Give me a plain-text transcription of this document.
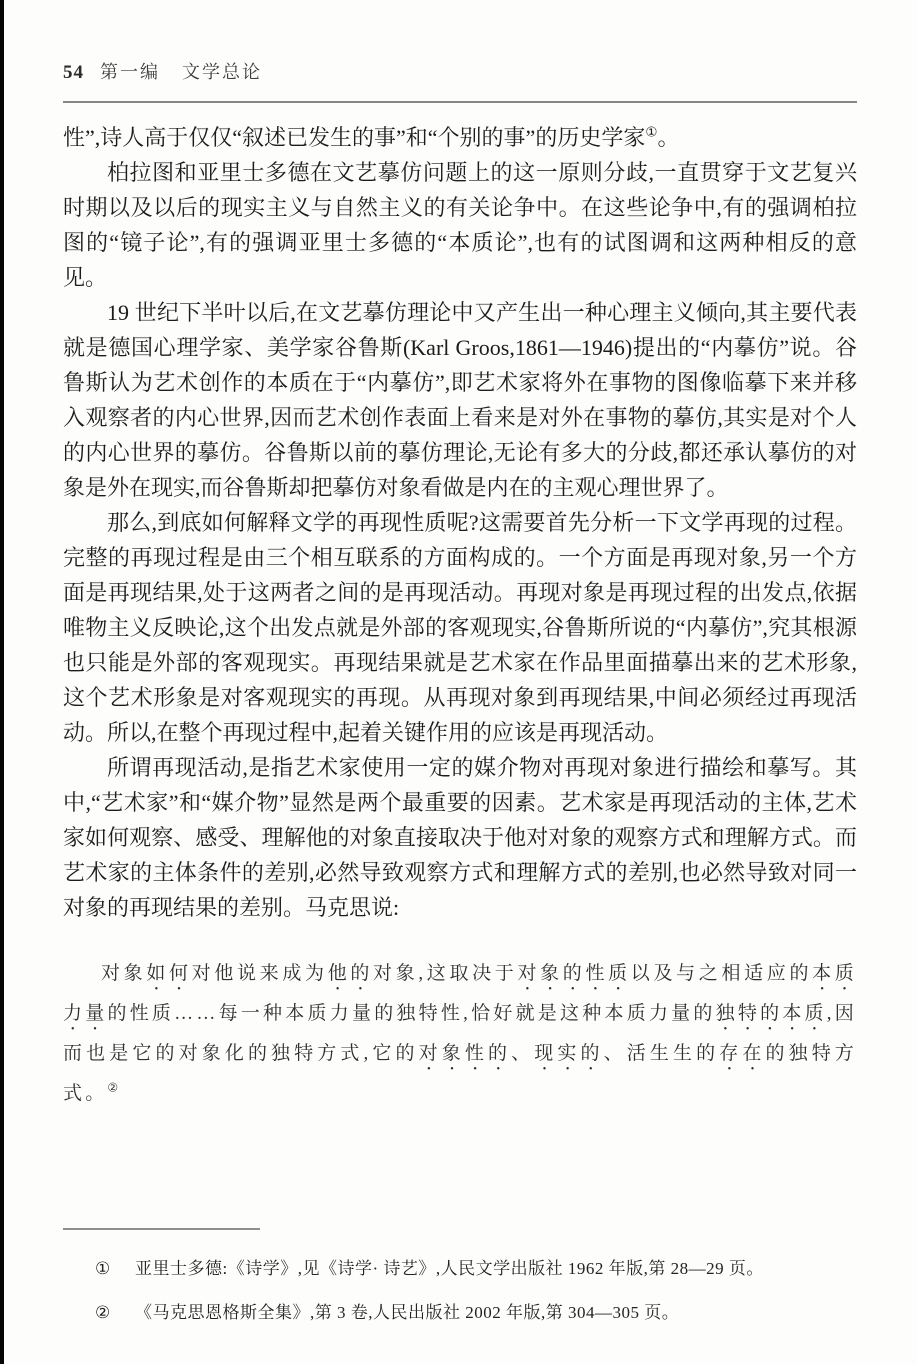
54 第一编 文学总论

性”,诗人高于仅仅“叙述已发生的事”和“个别的事”的历史学家①。

柏拉图和亚里士多德在文艺摹仿问题上的这一原则分歧,一直贯穿于文艺复兴时期以及以后的现实主义与自然主义的有关论争中。在这些论争中,有的强调柏拉图的“镜子论”,有的强调亚里士多德的“本质论”,也有的试图调和这两种相反的意见。

19 世纪下半叶以后,在文艺摹仿理论中又产生出一种心理主义倾向,其主要代表就是德国心理学家、美学家谷鲁斯(Karl Groos,1861—1946)提出的“内摹仿”说。谷鲁斯认为艺术创作的本质在于“内摹仿”,即艺术家将外在事物的图像临摹下来并移入观察者的内心世界,因而艺术创作表面上看来是对外在事物的摹仿,其实是对个人的内心世界的摹仿。谷鲁斯以前的摹仿理论,无论有多大的分歧,都还承认摹仿的对象是外在现实,而谷鲁斯却把摹仿对象看做是内在的主观心理世界了。

那么,到底如何解释文学的再现性质呢?这需要首先分析一下文学再现的过程。完整的再现过程是由三个相互联系的方面构成的。一个方面是再现对象,另一个方面是再现结果,处于这两者之间的是再现活动。再现对象是再现过程的出发点,依据唯物主义反映论,这个出发点就是外部的客观现实,谷鲁斯所说的“内摹仿”,究其根源也只能是外部的客观现实。再现结果就是艺术家在作品里面描摹出来的艺术形象,这个艺术形象是对客观现实的再现。从再现对象到再现结果,中间必须经过再现活动。所以,在整个再现过程中,起着关键作用的应该是再现活动。

所谓再现活动,是指艺术家使用一定的媒介物对再现对象进行描绘和摹写。其中,“艺术家”和“媒介物”显然是两个最重要的因素。艺术家是再现活动的主体,艺术家如何观察、感受、理解他的对象直接取决于他对对象的观察方式和理解方式。而艺术家的主体条件的差别,必然导致观察方式和理解方式的差别,也必然导致对同一对象的再现结果的差别。马克思说:

对象如何对他说来成为他的对象,这取决于对象的性质以及与之相适应的本质力量的性质……每一种本质力量的独特性,恰好就是这种本质力量的独特的本质,因而也是它的对象化的独特方式,它的对象性的、现实的、活生生的存在的独特方式。②

①	亚里士多德:《诗学》,见《诗学· 诗艺》,人民文学出版社 1962 年版,第 28—29 页。
②	《马克思恩格斯全集》,第 3 卷,人民出版社 2002 年版,第 304—305 页。
